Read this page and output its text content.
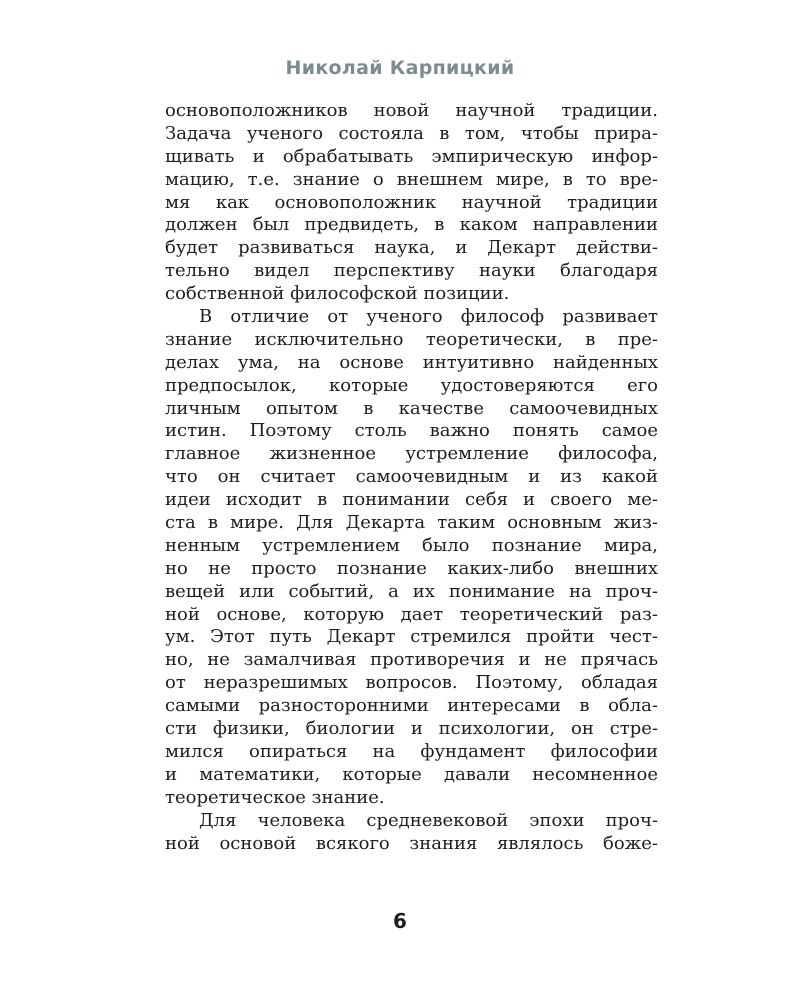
Николай Карпицкий
основоположников новой научной традиции.
Задача ученого состояла в том, чтобы прира-
щивать и обрабатывать эмпирическую инфор-
мацию, т.е. знание о внешнем мире, в то вре-
мя как основоположник научной традиции
должен был предвидеть, в каком направлении
будет развиваться наука, и Декарт действи-
тельно видел перспективу науки благодаря
собственной философской позиции.
В отличие от ученого философ развивает
знание исключительно теоретически, в пре-
делах ума, на основе интуитивно найденных
предпосылок, которые удостоверяются его
личным опытом в качестве самоочевидных
истин. Поэтому столь важно понять самое
главное жизненное устремление философа,
что он считает самоочевидным и из какой
идеи исходит в понимании себя и своего ме-
ста в мире. Для Декарта таким основным жиз-
ненным устремлением было познание мира,
но не просто познание каких-либо внешних
вещей или событий, а их понимание на проч-
ной основе, которую дает теоретический раз-
ум. Этот путь Декарт стремился пройти чест-
но, не замалчивая противоречия и не прячась
от неразрешимых вопросов. Поэтому, обладая
самыми разносторонними интересами в обла-
сти физики, биологии и психологии, он стре-
мился опираться на фундамент философии
и математики, которые давали несомненное
теоретическое знание.
Для человека средневековой эпохи проч-
ной основой всякого знания являлось боже-
6
